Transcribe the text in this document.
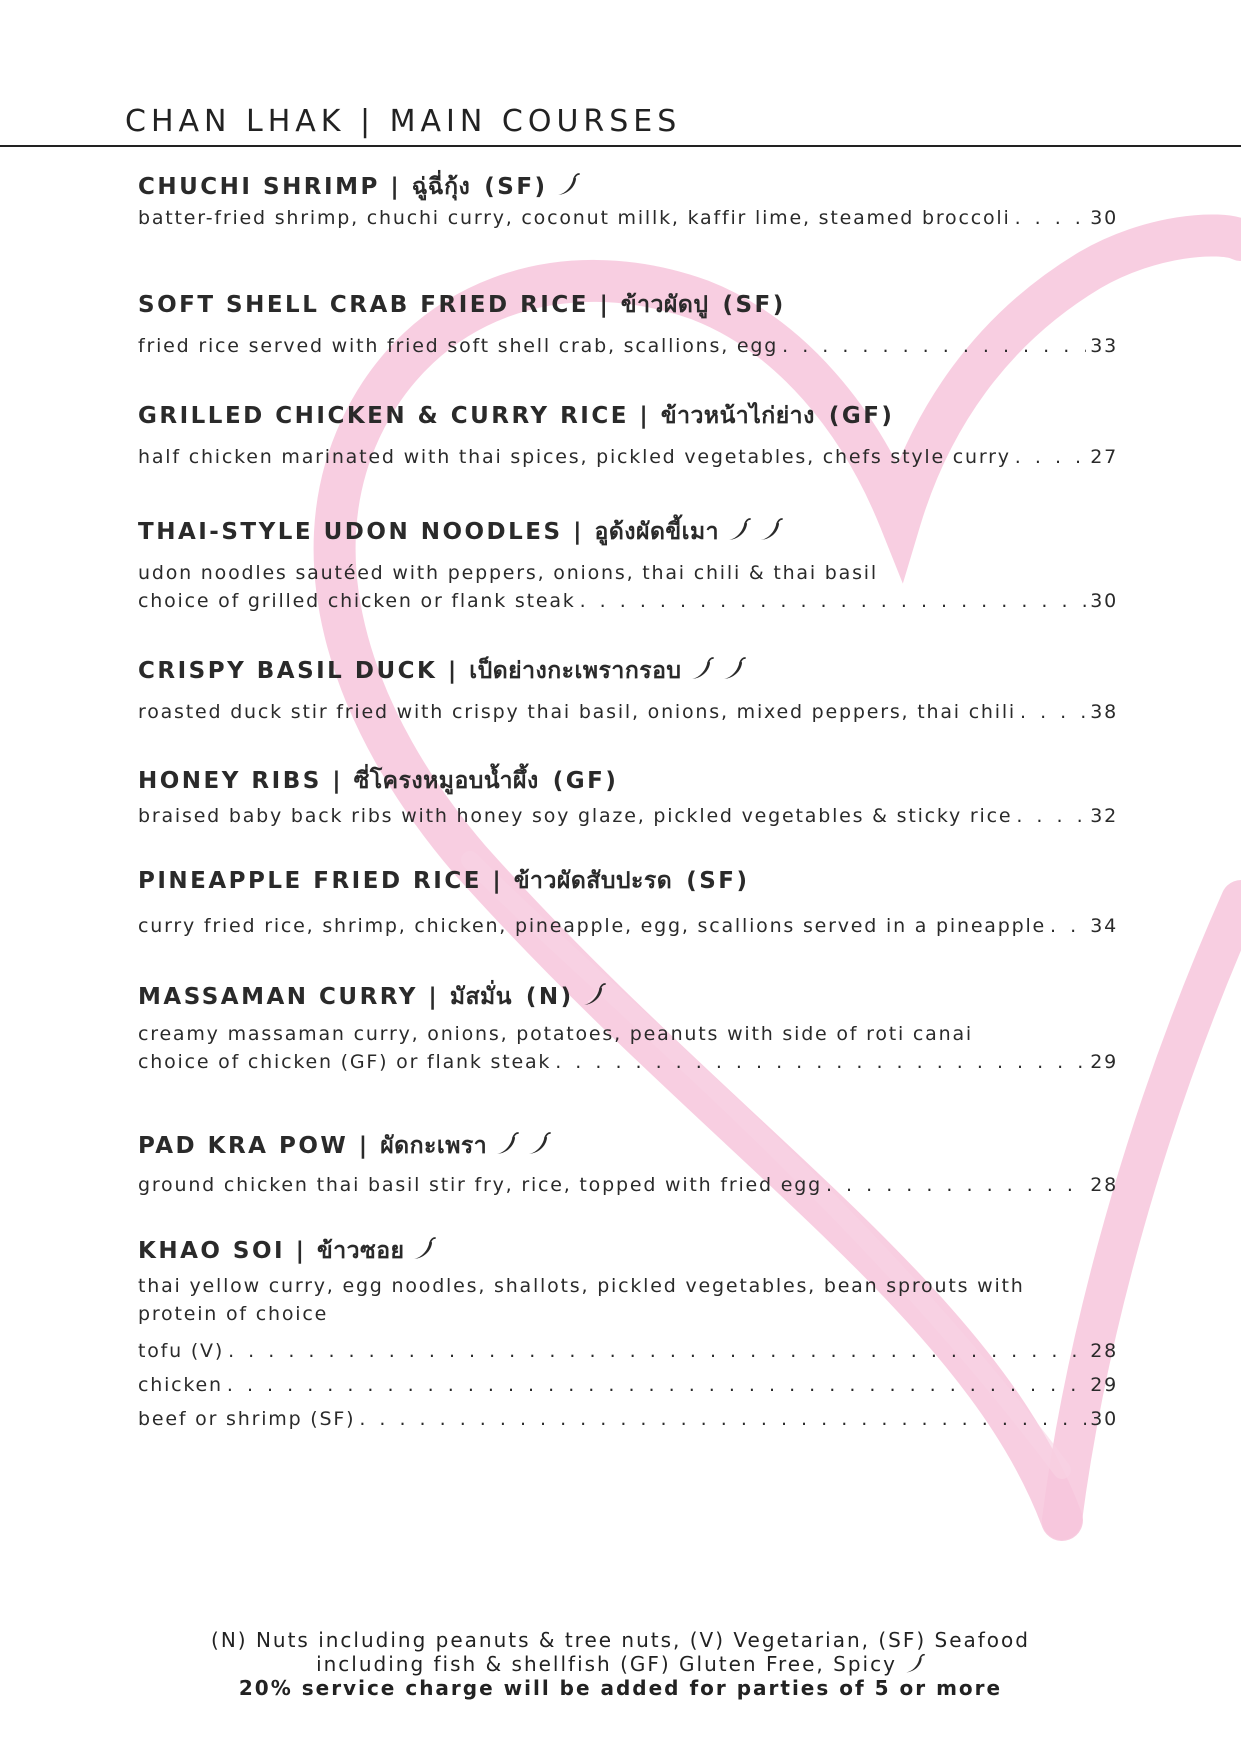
CHAN LHAK | MAIN COURSES
CHUCHI SHRIMP | ฉู่ฉี่กุ้ง (SF)
batter-fried shrimp, chuchi curry, coconut millk, kaffir lime, steamed broccoli . . .	30
SOFT SHELL CRAB FRIED RICE | ข้าวผัดปู (SF)
fried rice served with fried soft shell crab, scallions, egg . . .	33
GRILLED CHICKEN & CURRY RICE | ข้าวหน้าไก่ย่าง (GF)
half chicken marinated with thai spices, pickled vegetables, chefs style curry . . .	27
THAI-STYLE UDON NOODLES | อูด้งผัดขี้เมา
udon noodles sautéed with peppers, onions, thai chili & thai basil
choice of grilled chicken or flank steak . . .	30
CRISPY BASIL DUCK | เป็ดย่างกะเพรากรอบ
roasted duck stir fried with crispy thai basil, onions, mixed peppers, thai chili . . .	38
HONEY RIBS | ซี่โครงหมูอบน้ำผึ้ง (GF)
braised baby back ribs with honey soy glaze, pickled vegetables & sticky rice . . .	32
PINEAPPLE FRIED RICE | ข้าวผัดสับปะรด (SF)
curry fried rice, shrimp, chicken, pineapple, egg, scallions served in a pineapple . . . 34
MASSAMAN CURRY | มัสมั่น (N)
creamy massaman curry, onions, potatoes, peanuts with side of roti canai
choice of chicken (GF) or flank steak . . .	29
PAD KRA POW | ผัดกะเพรา
ground chicken thai basil stir fry, rice, topped with fried egg . . .	28
KHAO SOI | ข้าวซอย
thai yellow curry, egg noodles, shallots, pickled vegetables, bean sprouts with
protein of choice
tofu (V) . . .	28
chicken . . .	29
beef or shrimp (SF) . . .	30
(N) Nuts including peanuts & tree nuts, (V) Vegetarian, (SF) Seafood
including fish & shellfish (GF) Gluten Free, Spicy
20% service charge will be added for parties of 5 or more
